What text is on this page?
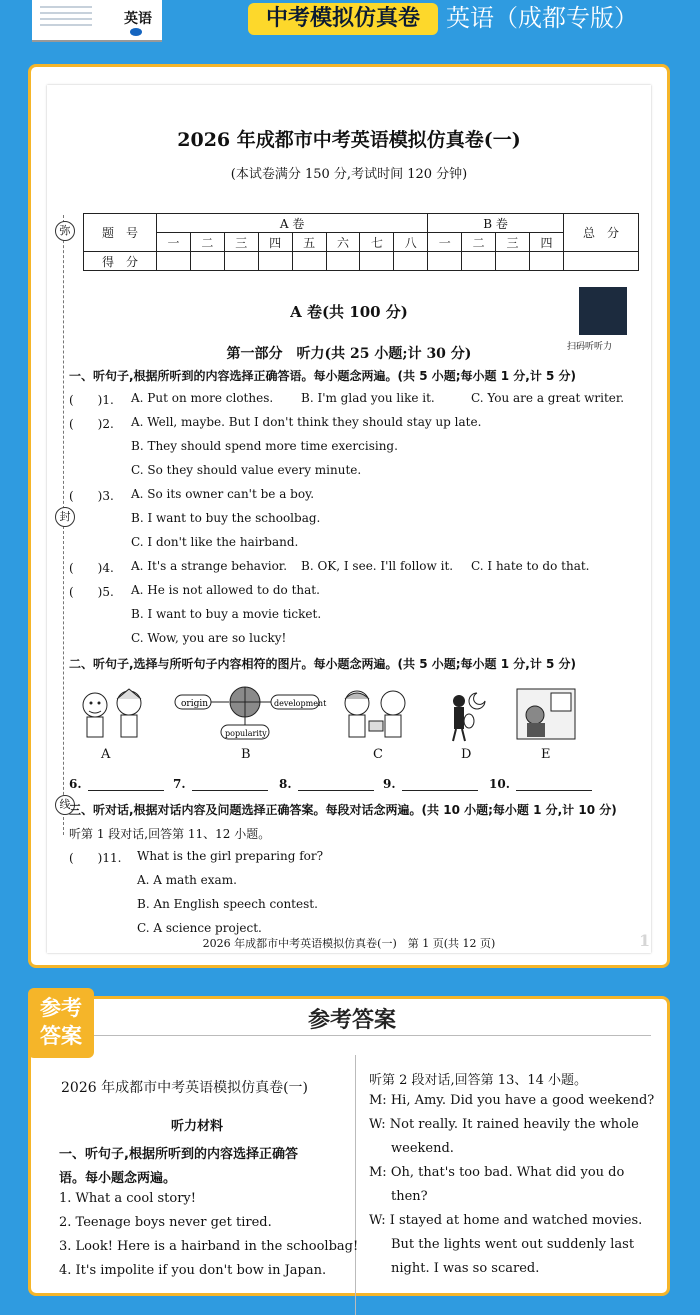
英语	中考模拟仿真卷	英语（成都专版）
2026 年成都市中考英语模拟仿真卷(一)
(本试卷满分 150 分,考试时间 120 分钟)
题　号	A 卷								B 卷				总　分
	一	二	三	四	五	六	七	八	一	二	三	四	
得　分													
弥
封
线
A 卷(共 100 分)
扫码听听力
第一部分　听力(共 25 小题;计 30 分)
一、听句子,根据所听到的内容选择正确答语。每小题念两遍。(共 5 小题;每小题 1 分,计 5 分)
(　　)1. A. Put on more clothes. B. I'm glad you like it.	C. You are a great writer.
(　　)2. A. Well, maybe. But I don't think they should stay up late.
B. They should spend more time exercising.
C. So they should value every minute.
(　　)3. A. So its owner can't be a boy.
B. I want to buy the schoolbag.
C. I don't like the hairband.
(　　)4. A. It's a strange behavior. B. OK, I see. I'll follow it. C. I hate to do that.
(　　)5. A. He is not allowed to do that.
B. I want to buy a movie ticket.
C. Wow, you are so lucky!
二、听句子,选择与所听句子内容相符的图片。每小题念两遍。(共 5 小题;每小题 1 分,计 5 分)
origin	development
popularity
A	B	C	D	E
6.	7.	8.	9.	10.
三、听对话,根据对话内容及问题选择正确答案。每段对话念两遍。(共 10 小题;每小题 1 分,计 10 分)
听第 1 段对话,回答第 11、12 小题。
(　　)11. What is the girl preparing for?
A. A math exam.
B. An English speech contest.
C. A science project.
2026 年成都市中考英语模拟仿真卷(一)　第 1 页(共 12 页)	1
参考答案
2026 年成都市中考英语模拟仿真卷(一)
听力材料
一、听句子,根据所听到的内容选择正确答
语。每小题念两遍。
1. What a cool story!
2. Teenage boys never get tired.
3. Look! Here is a hairband in the schoolbag!
4. It's impolite if you don't bow in Japan.
听第 2 段对话,回答第 13、14 小题。
M: Hi, Amy. Did you have a good weekend?
W: Not really. It rained heavily the whole
weekend.
M: Oh, that's too bad. What did you do
then?
W: I stayed at home and watched movies.
But the lights went out suddenly last
night. I was so scared.
参考
答案
